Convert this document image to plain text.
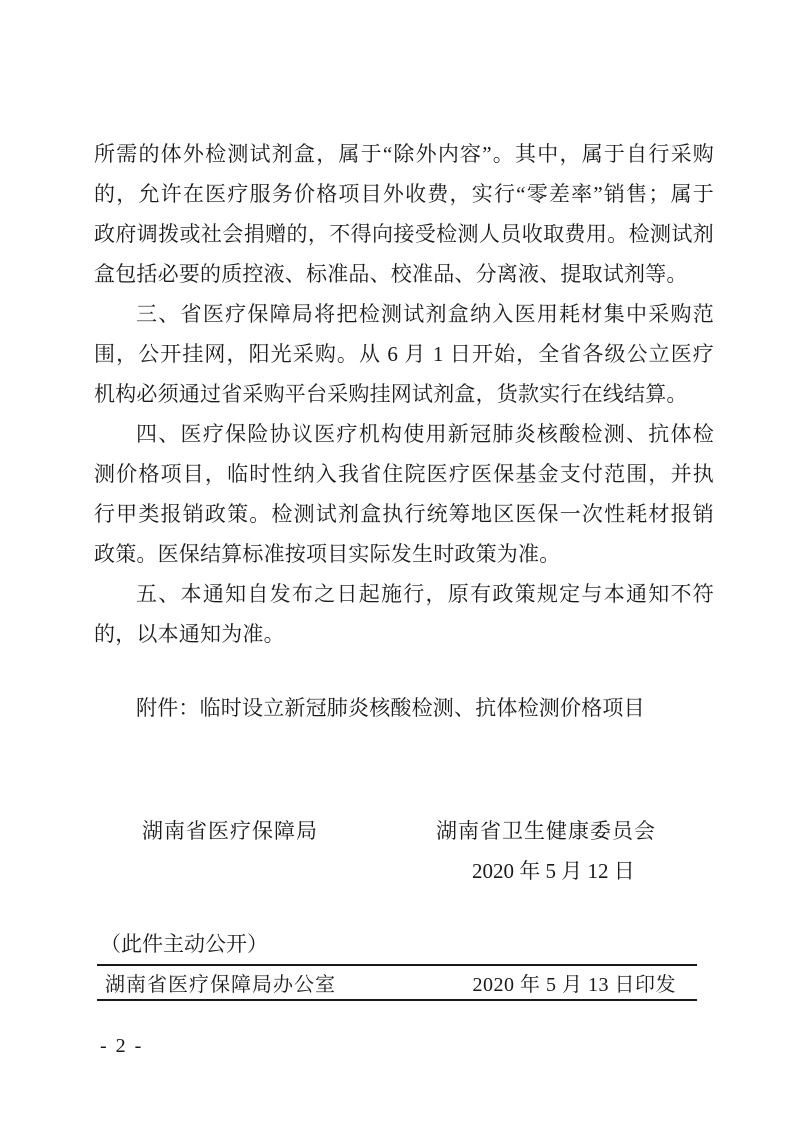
所需的体外检测试剂盒，属于“除外内容”。其中，属于自行采购
的，允许在医疗服务价格项目外收费，实行“零差率”销售；属于
政府调拨或社会捐赠的，不得向接受检测人员收取费用。检测试剂
盒包括必要的质控液、标准品、校准品、分离液、提取试剂等。
三、省医疗保障局将把检测试剂盒纳入医用耗材集中采购范
围，公开挂网，阳光采购。从 6 月 1 日开始，全省各级公立医疗
机构必须通过省采购平台采购挂网试剂盒，货款实行在线结算。
四、医疗保险协议医疗机构使用新冠肺炎核酸检测、抗体检
测价格项目，临时性纳入我省住院医疗医保基金支付范围，并执
行甲类报销政策。检测试剂盒执行统筹地区医保一次性耗材报销
政策。医保结算标准按项目实际发生时政策为准。
五、本通知自发布之日起施行，原有政策规定与本通知不符
的，以本通知为准。
附件：临时设立新冠肺炎核酸检测、抗体检测价格项目
湖南省医疗保障局	湖南省卫生健康委员会
2020 年 5 月 12 日
（此件主动公开）
湖南省医疗保障局办公室	2020 年 5 月 13 日印发
- 2 -
